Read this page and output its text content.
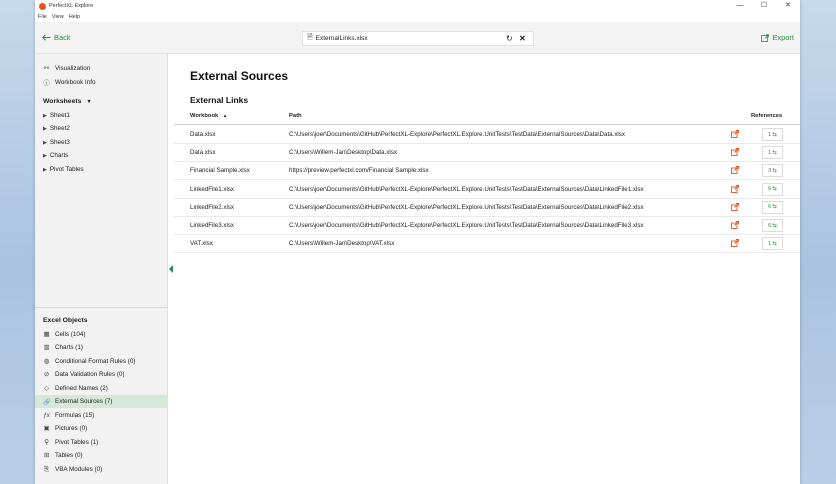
PerfectXL Explore	—	☐	✕
File View Help
Back	🗎 ExternalLinks.xlsx	↻ ✕	Export
⚯ Visualization
ⓘ Workbook Info
Worksheets ▼
▶ Sheet1
▶ Sheet2
▶ Sheet3
▶ Charts
▶ Pivot Tables
Excel Objects
▦ Cells (104)
▥ Charts (1)
◍ Conditional Format Rules (0)
⊘ Data Validation Rules (0)
◇ Defined Names (2)
🔗 External Sources (7)
ƒx Formulas (15)
▣ Pictures (0)
⚲ Pivot Tables (1)
⊞ Tables (0)
⎘ VBA Modules (0)
External Sources
External Links
Workbook ▲	Path	References
Data.xlsx	C:\Users\joer\Documents\GitHub\PerfectXL-Explore\PerfectXL.Explore.UnitTests\TestData\ExternalSources\Data\Data.xlsx	1 ⇆
Data.xlsx	C:\Users\Willem-Jan\Desktop\Data.xlsx	1 ⇆
Financial Sample.xlsx	https://preview.perfectxl.com/Financial Sample.xlsx	3 ⇆
LinkedFile1.xlsx	C:\Users\joer\Documents\GitHub\PerfectXL-Explore\PerfectXL.Explore.UnitTests\TestData\ExternalSources\Data\LinkedFile1.xlsx	6 ⇆
LinkedFile2.xlsx	C:\Users\joer\Documents\GitHub\PerfectXL-Explore\PerfectXL.Explore.UnitTests\TestData\ExternalSources\Data\LinkedFile2.xlsx	6 ⇆
LinkedFile3.xlsx	C:\Users\joer\Documents\GitHub\PerfectXL-Explore\PerfectXL.Explore.UnitTests\TestData\ExternalSources\Data\LinkedFile3.xlsx	6 ⇆
VAT.xlsx	C:\Users\Willem-Jan\Desktop\VAT.xlsx	1 ⇆
